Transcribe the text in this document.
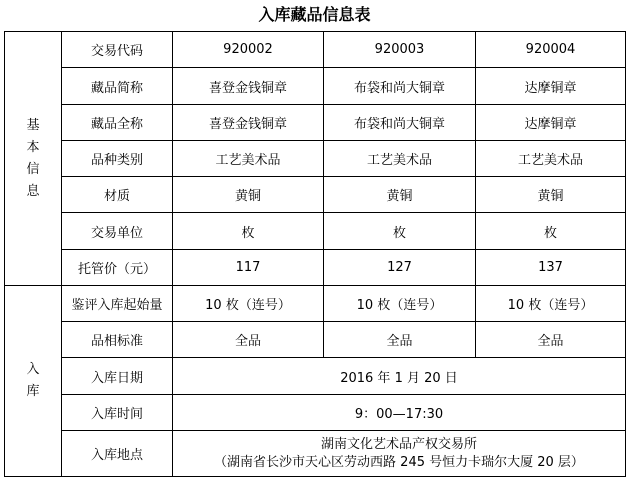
入库藏品信息表
基本信息	交易代码	920002	920003	920004
	藏品简称	喜登金钱铜章	布袋和尚大铜章	达摩铜章
	藏品全称	喜登金钱铜章	布袋和尚大铜章	达摩铜章
	品种类别	工艺美术品	工艺美术品	工艺美术品
	材质	黄铜	黄铜	黄铜
	交易单位	枚	枚	枚
	托管价（元）	117	127	137
入库	鉴评入库起始量	10 枚（连号）	10 枚（连号）	10 枚（连号）
	品相标准	全品	全品	全品
	入库日期	2016 年 1 月 20 日		
	入库时间	9：00—17:30		
	入库地点	湖南文化艺术品产权交易所
（湖南省长沙市天心区劳动西路 245 号恒力卡瑞尔大厦 20 层）		
